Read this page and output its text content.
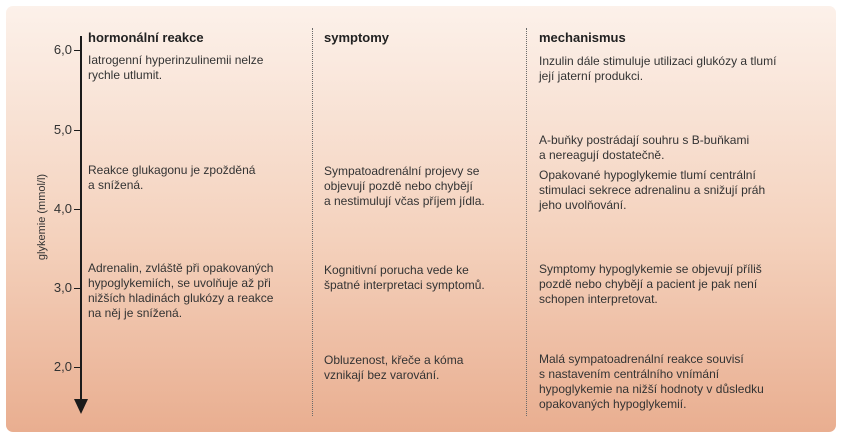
glykemie (mmol/l)
6,0
5,0
4,0
3,0
2,0
hormonální reakce	symptomy	mechanismus
Iatrogenní hyperinzulinemii nelze
rychle utlumit.
Inzulin dále stimuluje utilizaci glukózy a tlumí
její jaterní produkci.
A-buňky postrádají souhru s B-buňkami
a nereagují dostatečně.
Reakce glukagonu je zpožděná
a snížená.
Sympatoadrenální projevy se
objevují pozdě nebo chybějí
a nestimulují včas příjem jídla.
Opakované hypoglykemie tlumí centrální
stimulaci sekrece adrenalinu a snižují práh
jeho uvolňování.
Adrenalin, zvláště při opakovaných
hypoglykemiích, se uvolňuje až při
nižších hladinách glukózy a reakce
na něj je snížená.
Kognitivní porucha vede ke
špatné interpretaci symptomů.
Symptomy hypoglykemie se objevují příliš
pozdě nebo chybějí a pacient je pak není
schopen interpretovat.
Obluzenost, křeče a kóma
vznikají bez varování.
Malá sympatoadrenální reakce souvisí
s nastavením centrálního vnímání
hypoglykemie na nižší hodnoty v důsledku
opakovaných hypoglykemií.
